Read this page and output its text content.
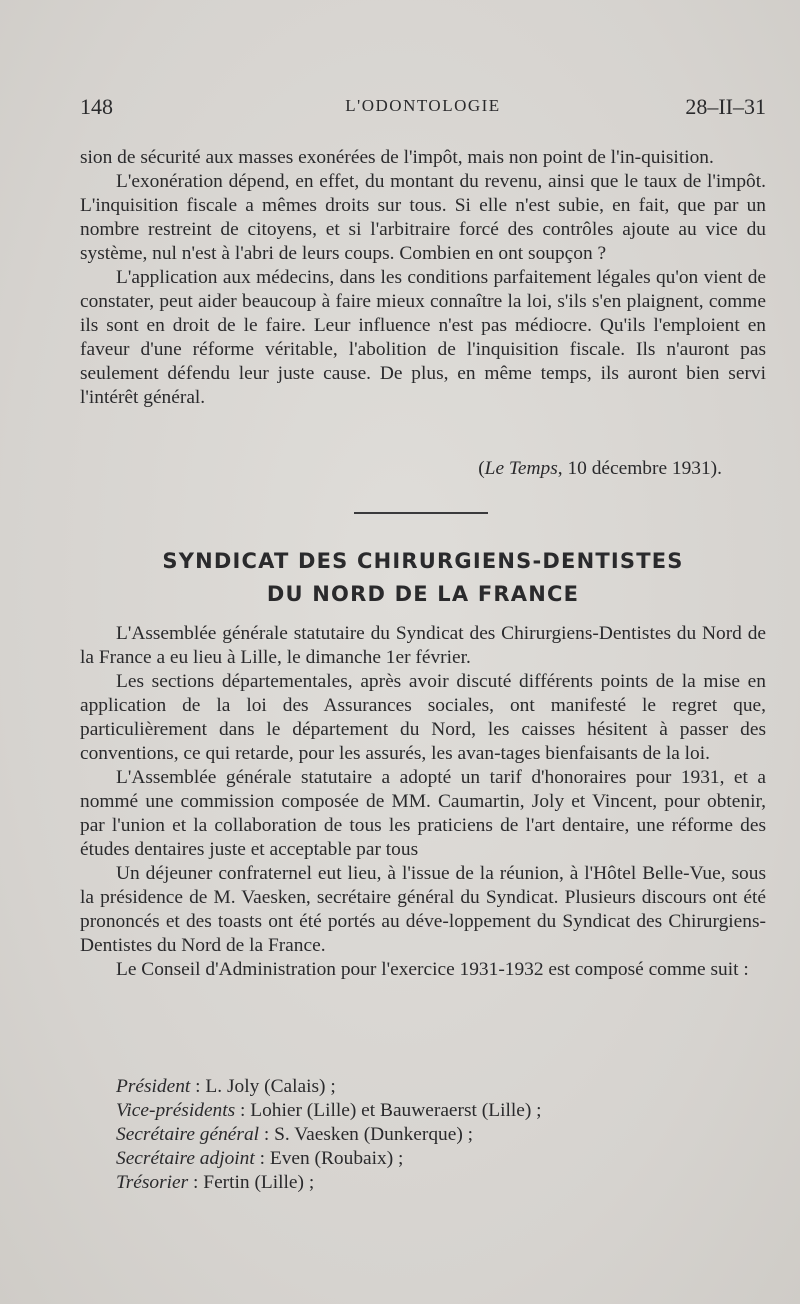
148	L'ODONTOLOGIE	28–II–31

sion de sécurité aux masses exonérées de l'impôt, mais non point de l'in-quisition.

L'exonération dépend, en effet, du montant du revenu, ainsi que le taux de l'impôt. L'inquisition fiscale a mêmes droits sur tous. Si elle n'est subie, en fait, que par un nombre restreint de citoyens, et si l'arbitraire forcé des contrôles ajoute au vice du système, nul n'est à l'abri de leurs coups. Combien en ont soupçon ?

L'application aux médecins, dans les conditions parfaitement légales qu'on vient de constater, peut aider beaucoup à faire mieux connaître la loi, s'ils s'en plaignent, comme ils sont en droit de le faire. Leur influence n'est pas médiocre. Qu'ils l'emploient en faveur d'une réforme véritable, l'abolition de l'inquisition fiscale. Ils n'auront pas seulement défendu leur juste cause. De plus, en même temps, ils auront bien servi l'intérêt général.

(Le Temps, 10 décembre 1931).
SYNDICAT DES CHIRURGIENS-DENTISTES
DU NORD DE LA FRANCE

L'Assemblée générale statutaire du Syndicat des Chirurgiens-Dentistes du Nord de la France a eu lieu à Lille, le dimanche 1er février.

Les sections départementales, après avoir discuté différents points de la mise en application de la loi des Assurances sociales, ont manifesté le regret que, particulièrement dans le département du Nord, les caisses hésitent à passer des conventions, ce qui retarde, pour les assurés, les avan-tages bienfaisants de la loi.

L'Assemblée générale statutaire a adopté un tarif d'honoraires pour 1931, et a nommé une commission composée de MM. Caumartin, Joly et Vincent, pour obtenir, par l'union et la collaboration de tous les praticiens de l'art dentaire, une réforme des études dentaires juste et acceptable par tous

Un déjeuner confraternel eut lieu, à l'issue de la réunion, à l'Hôtel Belle-Vue, sous la présidence de M. Vaesken, secrétaire général du Syndicat. Plusieurs discours ont été prononcés et des toasts ont été portés au déve-loppement du Syndicat des Chirurgiens-Dentistes du Nord de la France.

Le Conseil d'Administration pour l'exercice 1931-1932 est composé comme suit :

Président : L. Joly (Calais) ;
Vice-présidents : Lohier (Lille) et Bauweraerst (Lille) ;
Secrétaire général : S. Vaesken (Dunkerque) ;
Secrétaire adjoint : Even (Roubaix) ;
Trésorier : Fertin (Lille) ;
